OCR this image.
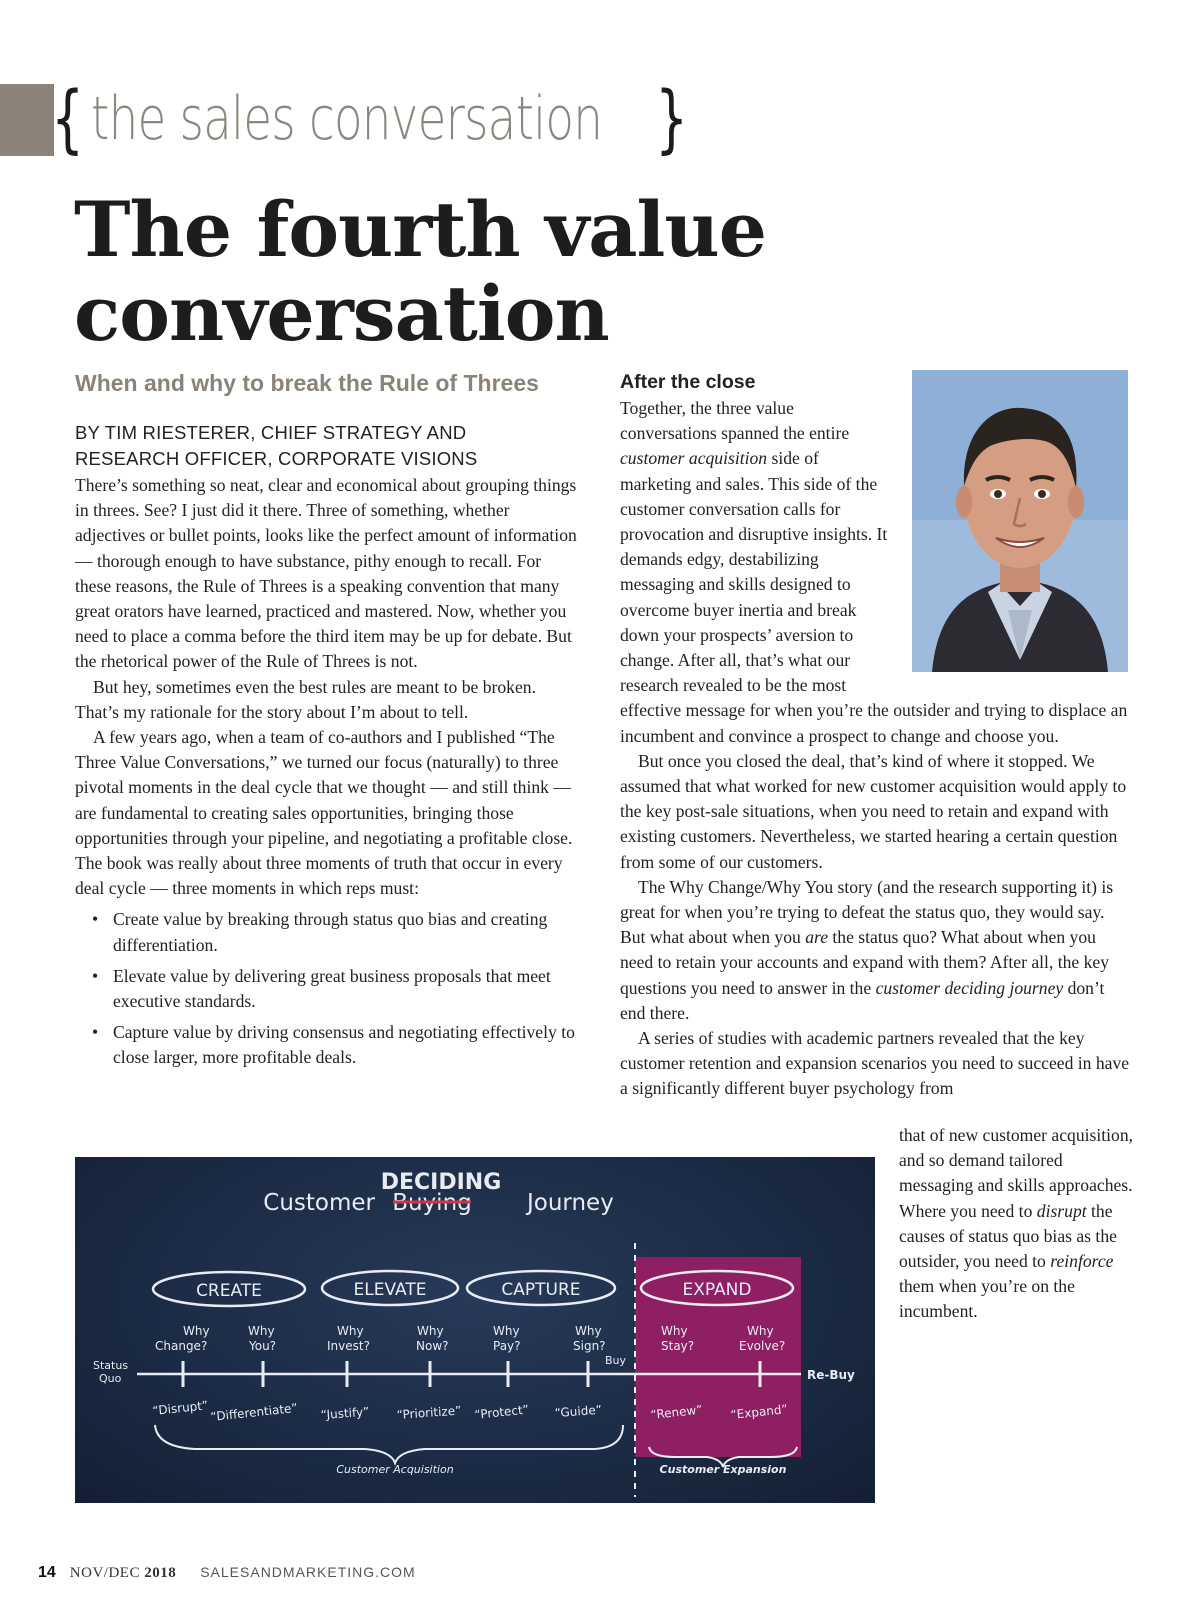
{ the sales conversation }
The fourth value conversation
When and why to break the Rule of Threes

BY TIM RIESTERER, CHIEF STRATEGY AND RESEARCH OFFICER, CORPORATE VISIONS

There’s something so neat, clear and economical about grouping things in threes. See? I just did it there. Three of something, whether adjectives or bullet points, looks like the perfect amount of information — thorough enough to have substance, pithy enough to recall. For these reasons, the Rule of Threes is a speaking convention that many great orators have learned, practiced and mastered. Now, whether you need to place a comma before the third item may be up for debate. But the rhetorical power of the Rule of Threes is not.

But hey, sometimes even the best rules are meant to be broken. That’s my rationale for the story about I’m about to tell.

A few years ago, when a team of co-authors and I published “The Three Value Conversations,” we turned our focus (naturally) to three pivotal moments in the deal cycle that we thought — and still think — are fundamental to creating sales opportunities, bringing those opportunities through your pipeline, and negotiating a profitable close. The book was really about three moments of truth that occur in every deal cycle — three moments in which reps must:

• Create value by breaking through status quo bias and creating differentiation.
• Elevate value by delivering great business proposals that meet executive standards.
• Capture value by driving consensus and negotiating effectively to close larger, more profitable deals.
After the close

Together, the three value conversations spanned the entire customer acquisition side of marketing and sales. This side of the customer conversation calls for provocation and disruptive insights. It demands edgy, destabilizing messaging and skills designed to overcome buyer inertia and break down your prospects’ aversion to change. After all, that’s what our research revealed to be the most effective message for when you’re the outsider and trying to displace an incumbent and convince a prospect to change and choose you.

But once you closed the deal, that’s kind of where it stopped. We assumed that what worked for new customer acquisition would apply to the key post-sale situations, when you need to retain and expand with existing customers. Nevertheless, we started hearing a certain question from some of our customers.

The Why Change/Why You story (and the research supporting it) is great for when you’re trying to defeat the status quo, they would say. But what about when you are the status quo? What about when you need to retain your accounts and expand with them? After all, the key questions you need to answer in the customer deciding journey don’t end there.

A series of studies with academic partners revealed that the key customer retention and expansion scenarios you need to succeed in have a significantly different buyer psychology from

that of new customer acquisition, and so demand tailored messaging and skills approaches. Where you need to disrupt the causes of status quo bias as the outsider, you need to reinforce them when you’re on the incumbent.

Customer Buying
DECIDING
Journey
CREATE	ELEVATE	CAPTURE	EXPAND
Why Change?
Why You?
Why Invest?
Why Now?
Why Pay?
Why Sign?
Why Stay?
Why Evolve?
Status Quo
Buy
Re-Buy
“Disrupt” “Differentiate” “Justify” “Prioritize” “Protect” “Guide”	“Renew” “Expand”
Customer Acquisition	Customer Expansion
14 NOV/DEC 2018 SALESANDMARKETING.COM
